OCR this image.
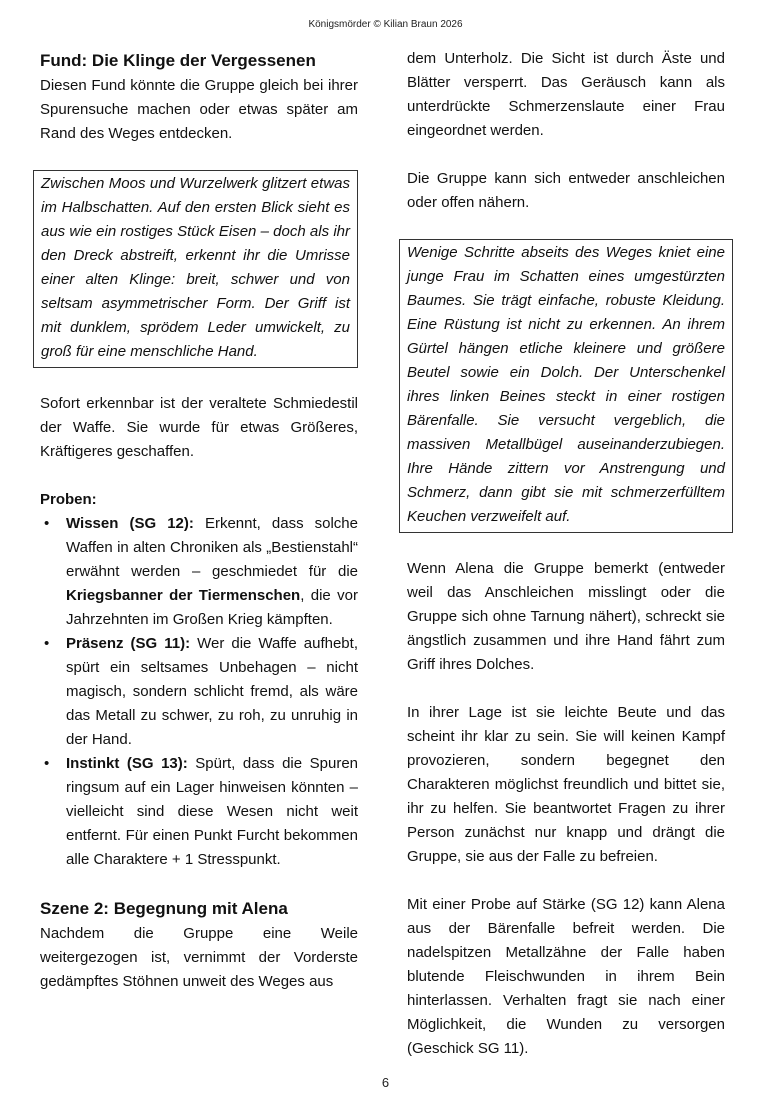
Königsmörder © Kilian Braun 2026
Fund: Die Klinge der Vergessenen

Diesen Fund könnte die Gruppe gleich bei ihrer Spurensuche machen oder etwas später am Rand des Weges entdecken.

Zwischen Moos und Wurzelwerk glitzert etwas im Halbschatten. Auf den ersten Blick sieht es aus wie ein rostiges Stück Eisen – doch als ihr den Dreck abstreift, erkennt ihr die Umrisse einer alten Klinge: breit, schwer und von seltsam asymmetrischer Form. Der Griff ist mit dunklem, sprödem Leder umwickelt, zu groß für eine menschliche Hand.

Sofort erkennbar ist der veraltete Schmiedestil der Waffe. Sie wurde für etwas Größeres, Kräftigeres geschaffen.

Proben:
• Wissen (SG 12): Erkennt, dass solche Waffen in alten Chroniken als „Bestienstahl“ erwähnt werden – geschmiedet für die Kriegsbanner der Tiermenschen, die vor Jahrzehnten im Großen Krieg kämpften.
• Präsenz (SG 11): Wer die Waffe aufhebt, spürt ein seltsames Unbehagen – nicht magisch, sondern schlicht fremd, als wäre das Metall zu schwer, zu roh, zu unruhig in der Hand.
• Instinkt (SG 13): Spürt, dass die Spuren ringsum auf ein Lager hinweisen könnten – vielleicht sind diese Wesen nicht weit entfernt. Für einen Punkt Furcht bekommen alle Charaktere + 1 Stresspunkt.
Szene 2: Begegnung mit Alena

Nachdem die Gruppe eine Weile weitergezogen ist, vernimmt der Vorderste gedämpftes Stöhnen unweit des Weges aus

dem Unterholz. Die Sicht ist durch Äste und Blätter versperrt. Das Geräusch kann als unterdrückte Schmerzenslaute einer Frau eingeordnet werden.

Die Gruppe kann sich entweder anschleichen oder offen nähern.

Wenige Schritte abseits des Weges kniet eine junge Frau im Schatten eines umgestürzten Baumes. Sie trägt einfache, robuste Kleidung. Eine Rüstung ist nicht zu erkennen. An ihrem Gürtel hängen etliche kleinere und größere Beutel sowie ein Dolch. Der Unterschenkel ihres linken Beines steckt in einer rostigen Bärenfalle. Sie versucht vergeblich, die massiven Metallbügel auseinanderzubiegen. Ihre Hände zittern vor Anstrengung und Schmerz, dann gibt sie mit schmerzerfülltem Keuchen verzweifelt auf.

Wenn Alena die Gruppe bemerkt (entweder weil das Anschleichen misslingt oder die Gruppe sich ohne Tarnung nähert), schreckt sie ängstlich zusammen und ihre Hand fährt zum Griff ihres Dolches.

In ihrer Lage ist sie leichte Beute und das scheint ihr klar zu sein. Sie will keinen Kampf provozieren, sondern begegnet den Charakteren möglichst freundlich und bittet sie, ihr zu helfen. Sie beantwortet Fragen zu ihrer Person zunächst nur knapp und drängt die Gruppe, sie aus der Falle zu befreien.

Mit einer Probe auf Stärke (SG 12) kann Alena aus der Bärenfalle befreit werden. Die nadelspitzen Metallzähne der Falle haben blutende Fleischwunden in ihrem Bein hinterlassen. Verhalten fragt sie nach einer Möglichkeit, die Wunden zu versorgen (Geschick SG 11).

6
